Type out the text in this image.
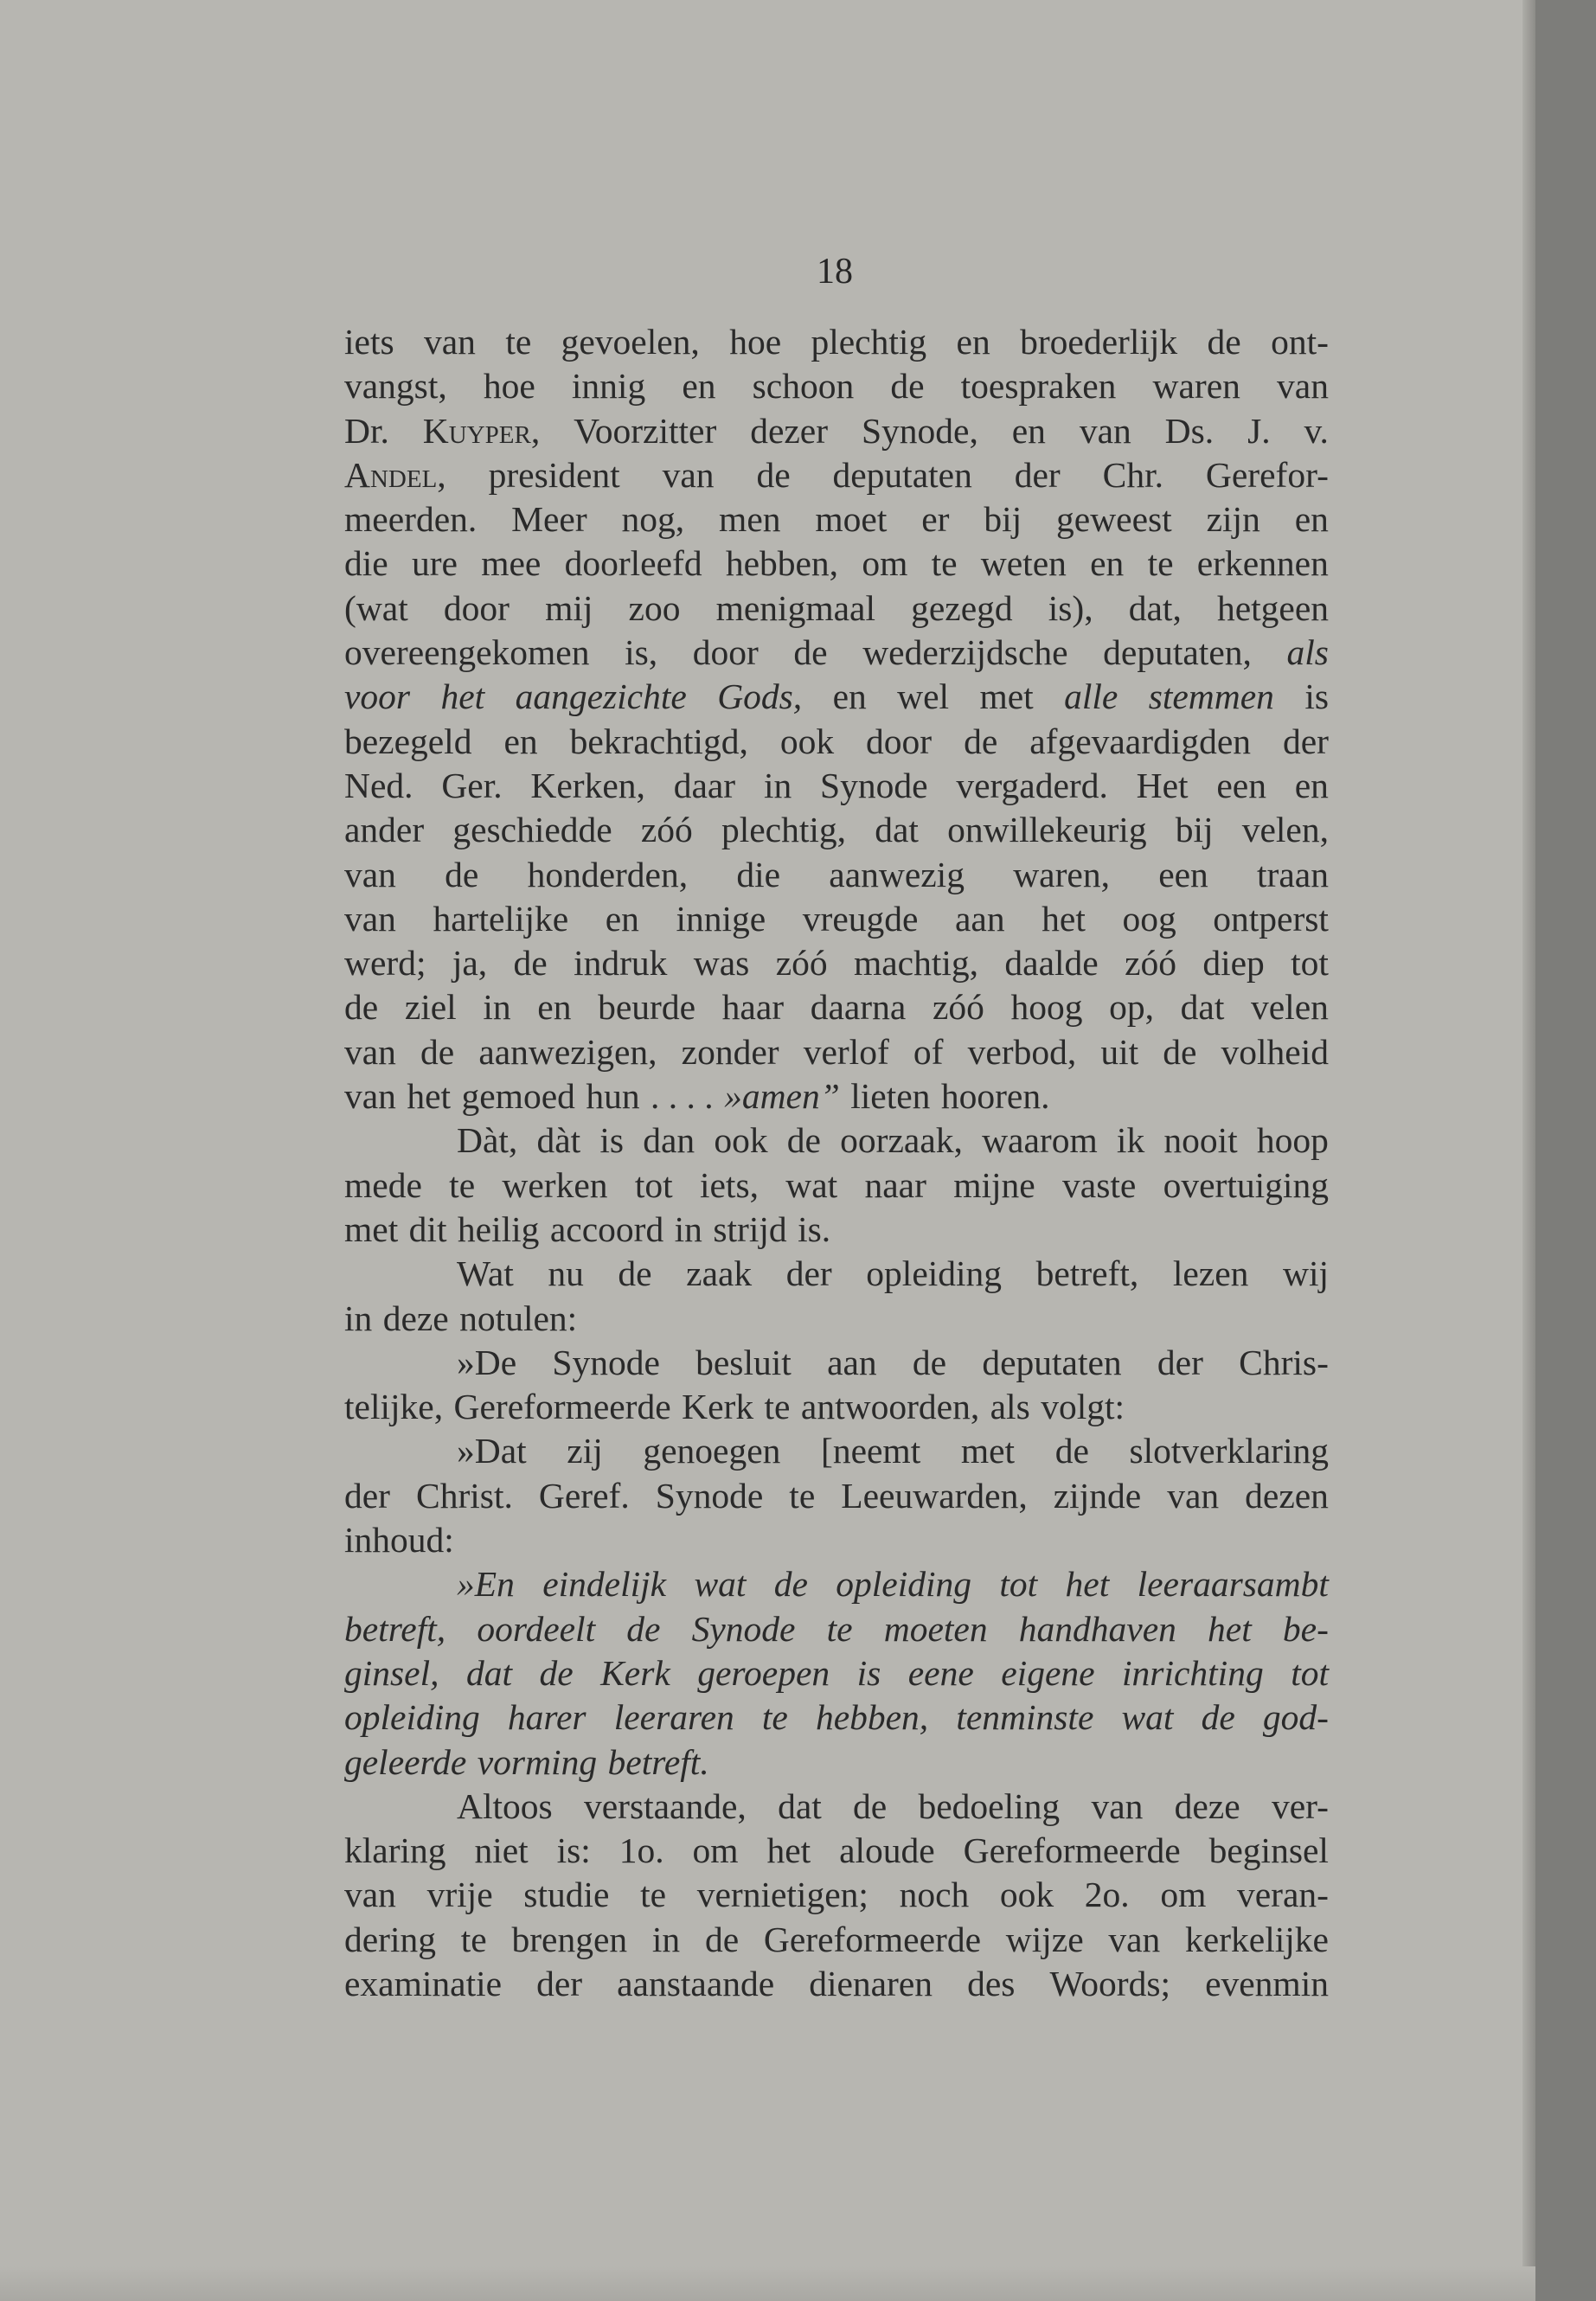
18
iets van te gevoelen, hoe plechtig en broederlijk de ont-
vangst, hoe innig en schoon de toespraken waren van
Dr. Kuyper, Voorzitter dezer Synode, en van Ds. J. v.
Andel, president van de deputaten der Chr. Gerefor-
meerden. Meer nog, men moet er bij geweest zijn en
die ure mee doorleefd hebben, om te weten en te erkennen
(wat door mij zoo menigmaal gezegd is), dat, hetgeen
overeengekomen is, door de wederzijdsche deputaten, als
voor het aangezichte Gods, en wel met alle stemmen is
bezegeld en bekrachtigd, ook door de afgevaardigden der
Ned. Ger. Kerken, daar in Synode vergaderd. Het een en
ander geschiedde zóó plechtig, dat onwillekeurig bij velen,
van de honderden, die aanwezig waren, een traan
van hartelijke en innige vreugde aan het oog ontperst
werd; ja, de indruk was zóó machtig, daalde zóó diep tot
de ziel in en beurde haar daarna zóó hoog op, dat velen
van de aanwezigen, zonder verlof of verbod, uit de volheid
van het gemoed hun . . . . »amen” lieten hooren.
Dàt, dàt is dan ook de oorzaak, waarom ik nooit hoop
mede te werken tot iets, wat naar mijne vaste overtuiging
met dit heilig accoord in strijd is.
Wat nu de zaak der opleiding betreft, lezen wij
in deze notulen:
»De Synode besluit aan de deputaten der Chris-
telijke, Gereformeerde Kerk te antwoorden, als volgt:
»Dat zij genoegen [neemt met de slotverklaring
der Christ. Geref. Synode te Leeuwarden, zijnde van dezen
inhoud:
»En eindelijk wat de opleiding tot het leeraarsambt
betreft, oordeelt de Synode te moeten handhaven het be-
ginsel, dat de Kerk geroepen is eene eigene inrichting tot
opleiding harer leeraren te hebben, tenminste wat de god-
geleerde vorming betreft.
Altoos verstaande, dat de bedoeling van deze ver-
klaring niet is: 1o. om het aloude Gereformeerde beginsel
van vrije studie te vernietigen; noch ook 2o. om veran-
dering te brengen in de Gereformeerde wijze van kerkelijke
examinatie der aanstaande dienaren des Woords; evenmin
